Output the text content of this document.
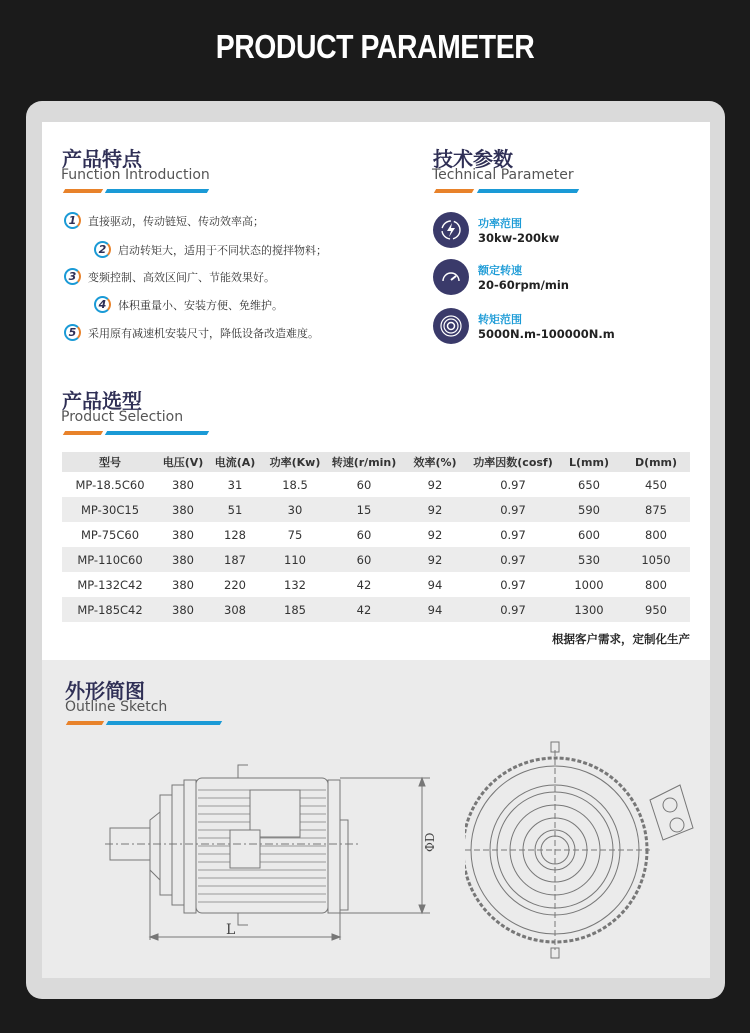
PRODUCT PARAMETER
产品特点
Function Introduction
1	直接驱动，传动链短、传动效率高；
2	启动转矩大，适用于不同状态的搅拌物料；
3	变频控制、高效区间广、节能效果好。
4	体积重量小、安装方便、免维护。
5	采用原有减速机安装尺寸，降低设备改造难度。
技术参数
Technical Parameter
功率范围
30kw-200kw
额定转速
20-60rpm/min
转矩范围
5000N.m-100000N.m
产品选型
Product Selection
型号	电压(V)	电流(A)	功率(Kw)	转速(r/min)	效率(%)	功率因数(cosf)	L(mm)	D(mm)
MP-18.5C60	380	31	18.5	60	92	0.97	650	450
MP-30C15	380	51	30	15	92	0.97	590	875
MP-75C60	380	128	75	60	92	0.97	600	800
MP-110C60	380	187	110	60	92	0.97	530	1050
MP-132C42	380	220	132	42	94	0.97	1000	800
MP-185C42	380	308	185	42	94	0.97	1300	950
根据客户需求，定制化生产
外形简图
Outline Sketch
L
ΦD
